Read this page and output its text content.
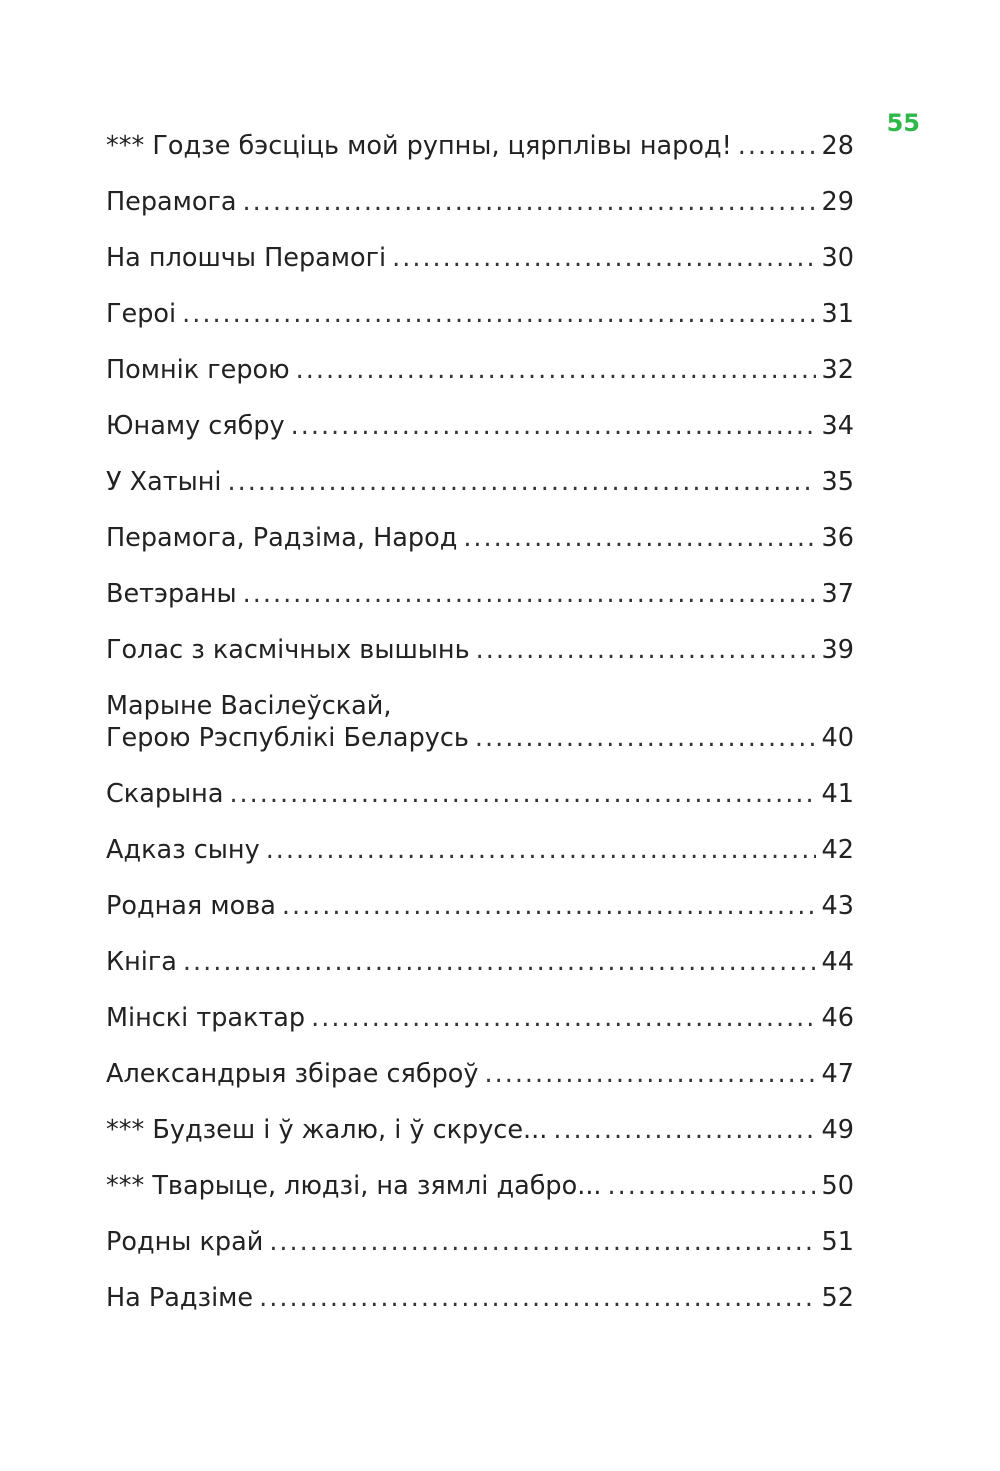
55
*** Годзе бэсціць мой рупны, цярплівы народ! .....	28
Перамога .....	29
На плошчы Перамогі .....	30
Героі .....	31
Помнік герою .....	32
Юнаму сябру .....	34
У Хатыні .....	35
Перамога, Радзіма, Народ .....	36
Ветэраны .....	37
Голас з касмічных вышынь .....	39
Марыне Васілеўскай,
Герою Рэспублікі Беларусь .....	40
Скарына .....	41
Адказ сыну .....	42
Родная мова .....	43
Кніга .....	44
Мінскі трактар .....	46
Александрыя збірае сяброў .....	47
*** Будзеш і ў жалю, і ў скрусе... .....	49
*** Тварыце, людзі, на зямлі дабро... .....	50
Родны край .....	51
На Радзіме .....	52
